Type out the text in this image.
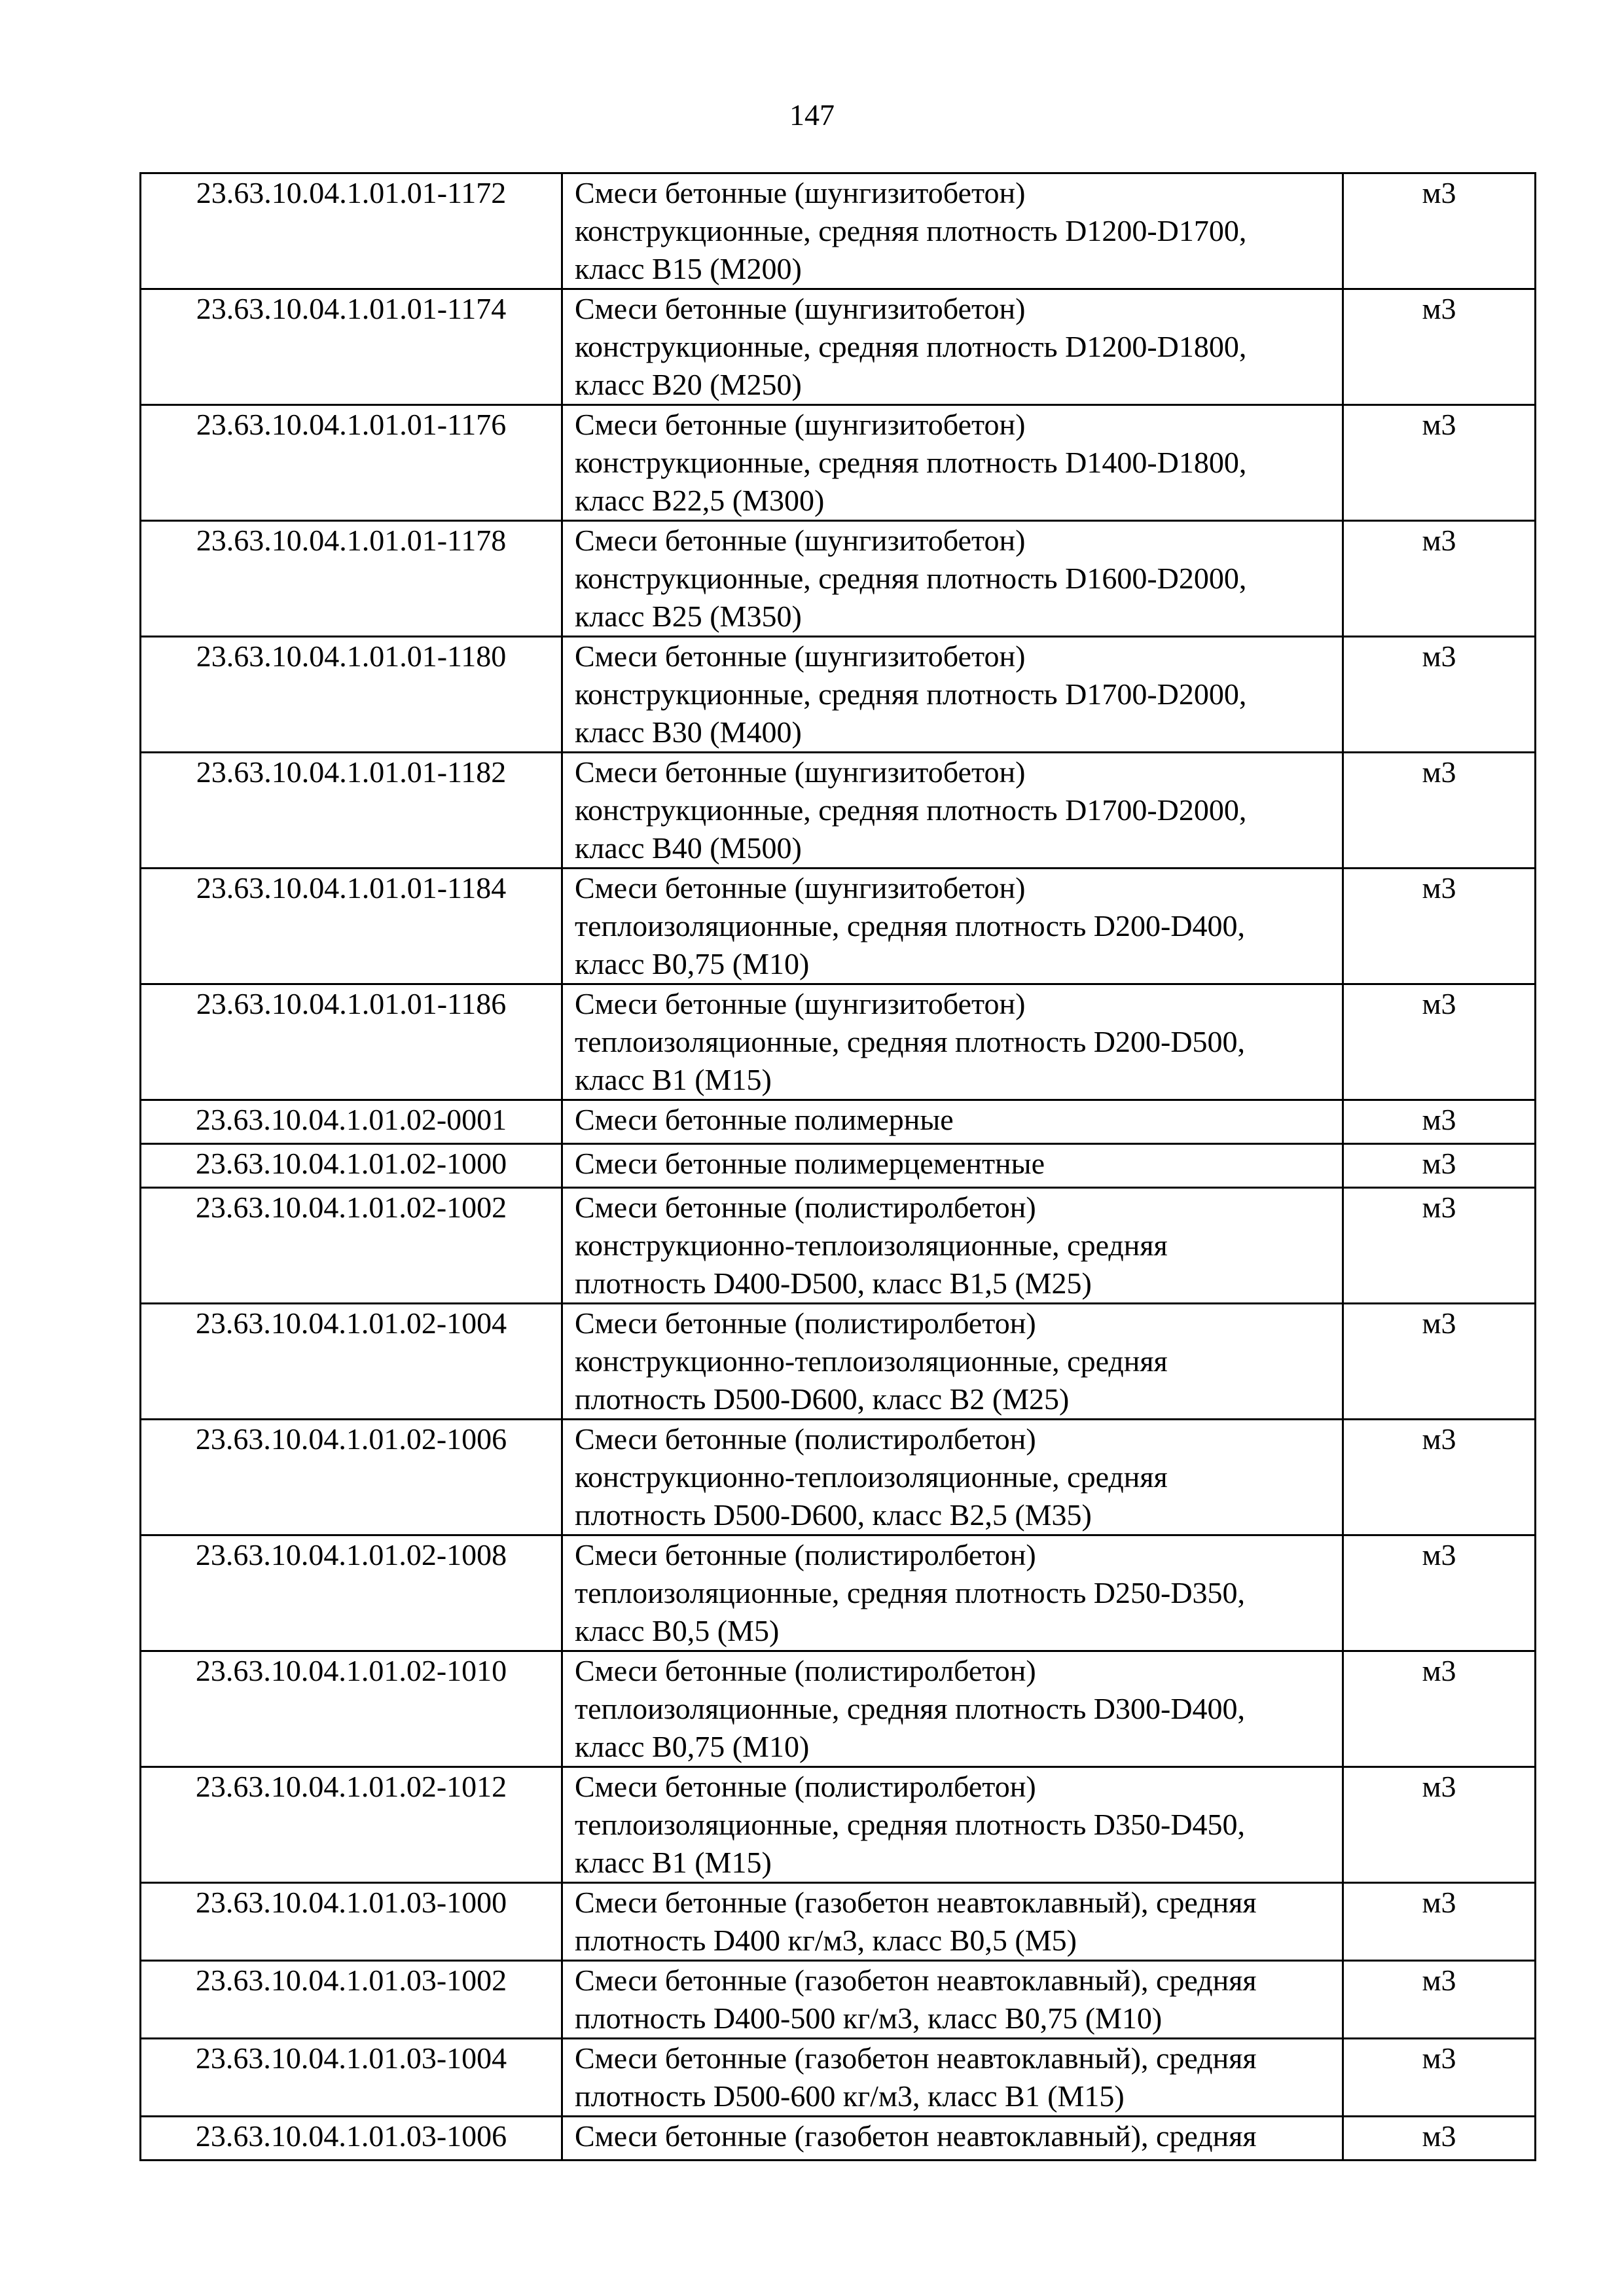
147
23.63.10.04.1.01.01-1172	Смеси бетонные (шунгизитобетон)
конструкционные, средняя плотность D1200-D1700,
класс В15 (М200)	м3
23.63.10.04.1.01.01-1174	Смеси бетонные (шунгизитобетон)
конструкционные, средняя плотность D1200-D1800,
класс В20 (М250)	м3
23.63.10.04.1.01.01-1176	Смеси бетонные (шунгизитобетон)
конструкционные, средняя плотность D1400-D1800,
класс В22,5 (М300)	м3
23.63.10.04.1.01.01-1178	Смеси бетонные (шунгизитобетон)
конструкционные, средняя плотность D1600-D2000,
класс В25 (М350)	м3
23.63.10.04.1.01.01-1180	Смеси бетонные (шунгизитобетон)
конструкционные, средняя плотность D1700-D2000,
класс В30 (М400)	м3
23.63.10.04.1.01.01-1182	Смеси бетонные (шунгизитобетон)
конструкционные, средняя плотность D1700-D2000,
класс В40 (М500)	м3
23.63.10.04.1.01.01-1184	Смеси бетонные (шунгизитобетон)
теплоизоляционные, средняя плотность D200-D400,
класс В0,75 (М10)	м3
23.63.10.04.1.01.01-1186	Смеси бетонные (шунгизитобетон)
теплоизоляционные, средняя плотность D200-D500,
класс В1 (М15)	м3
23.63.10.04.1.01.02-0001	Смеси бетонные полимерные	м3
23.63.10.04.1.01.02-1000	Смеси бетонные полимерцементные	м3
23.63.10.04.1.01.02-1002	Смеси бетонные (полистиролбетон)
конструкционно-теплоизоляционные, средняя
плотность D400-D500, класс В1,5 (М25)	м3
23.63.10.04.1.01.02-1004	Смеси бетонные (полистиролбетон)
конструкционно-теплоизоляционные, средняя
плотность D500-D600, класс В2 (М25)	м3
23.63.10.04.1.01.02-1006	Смеси бетонные (полистиролбетон)
конструкционно-теплоизоляционные, средняя
плотность D500-D600, класс В2,5 (М35)	м3
23.63.10.04.1.01.02-1008	Смеси бетонные (полистиролбетон)
теплоизоляционные, средняя плотность D250-D350,
класс В0,5 (М5)	м3
23.63.10.04.1.01.02-1010	Смеси бетонные (полистиролбетон)
теплоизоляционные, средняя плотность D300-D400,
класс В0,75 (М10)	м3
23.63.10.04.1.01.02-1012	Смеси бетонные (полистиролбетон)
теплоизоляционные, средняя плотность D350-D450,
класс В1 (М15)	м3
23.63.10.04.1.01.03-1000	Смеси бетонные (газобетон неавтоклавный), средняя
плотность D400 кг/м3, класс В0,5 (М5)	м3
23.63.10.04.1.01.03-1002	Смеси бетонные (газобетон неавтоклавный), средняя
плотность D400-500 кг/м3, класс В0,75 (М10)	м3
23.63.10.04.1.01.03-1004	Смеси бетонные (газобетон неавтоклавный), средняя
плотность D500-600 кг/м3, класс В1 (М15)	м3
23.63.10.04.1.01.03-1006	Смеси бетонные (газобетон неавтоклавный), средняя	м3
